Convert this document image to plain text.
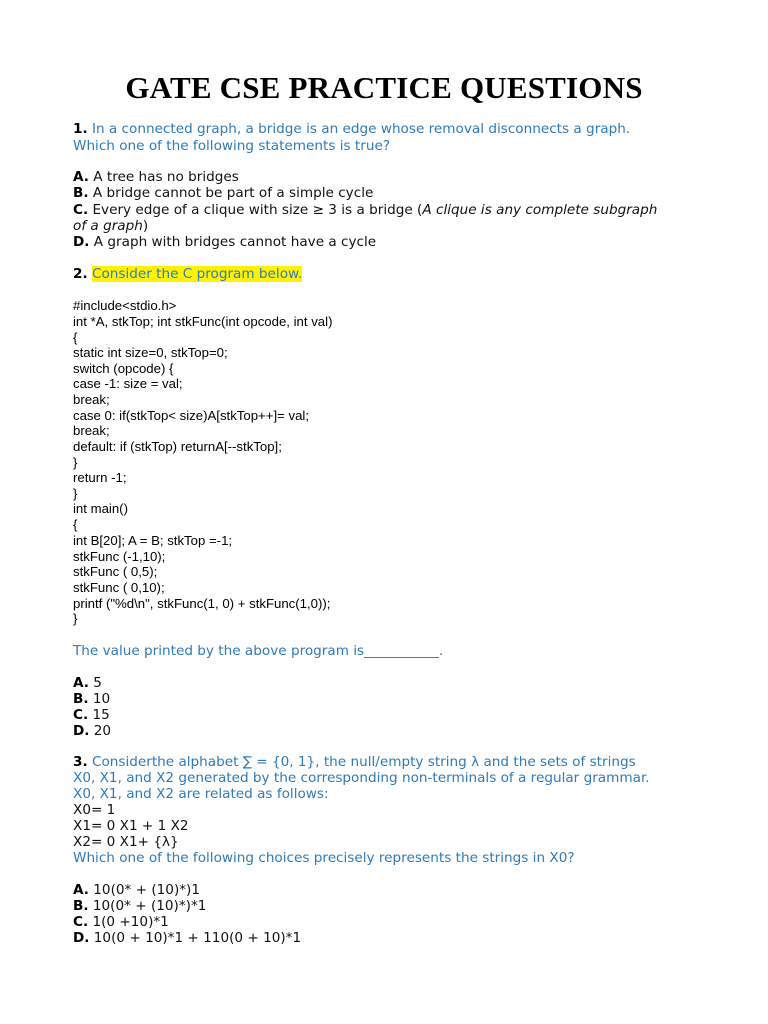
GATE CSE PRACTICE QUESTIONS
1. In a connected graph, a bridge is an edge whose removal disconnects a graph.
Which one of the following statements is true?
A. A tree has no bridges
B. A bridge cannot be part of a simple cycle
C. Every edge of a clique with size ≥ 3 is a bridge (A clique is any complete subgraph
of a graph)
D. A graph with bridges cannot have a cycle
2. Consider the C program below.
#include<stdio.h>
int *A, stkTop; int stkFunc(int opcode, int val)
{
static int size=0, stkTop=0;
switch (opcode) {
case -1: size = val;
break;
case 0: if(stkTop< size)A[stkTop++]= val;
break;
default: if (stkTop) returnA[--stkTop];
}
return -1;
}
int main()
{
int B[20]; A = B; stkTop =-1;
stkFunc (-1,10);
stkFunc ( 0,5);
stkFunc ( 0,10);
printf ("%d\n", stkFunc(1, 0) + stkFunc(1,0));
}
The value printed by the above program is___________.
A. 5
B. 10
C. 15
D. 20
3. Considerthe alphabet ∑ = {0, 1}, the null/empty string λ and the sets of strings
X0, X1, and X2 generated by the corresponding non-terminals of a regular grammar.
X0, X1, and X2 are related as follows:
X0= 1
X1= 0 X1 + 1 X2
X2= 0 X1+ {λ}
Which one of the following choices precisely represents the strings in X0?
A. 10(0* + (10)*)1
B. 10(0* + (10)*)*1
C. 1(0 +10)*1
D. 10(0 + 10)*1 + 110(0 + 10)*1
